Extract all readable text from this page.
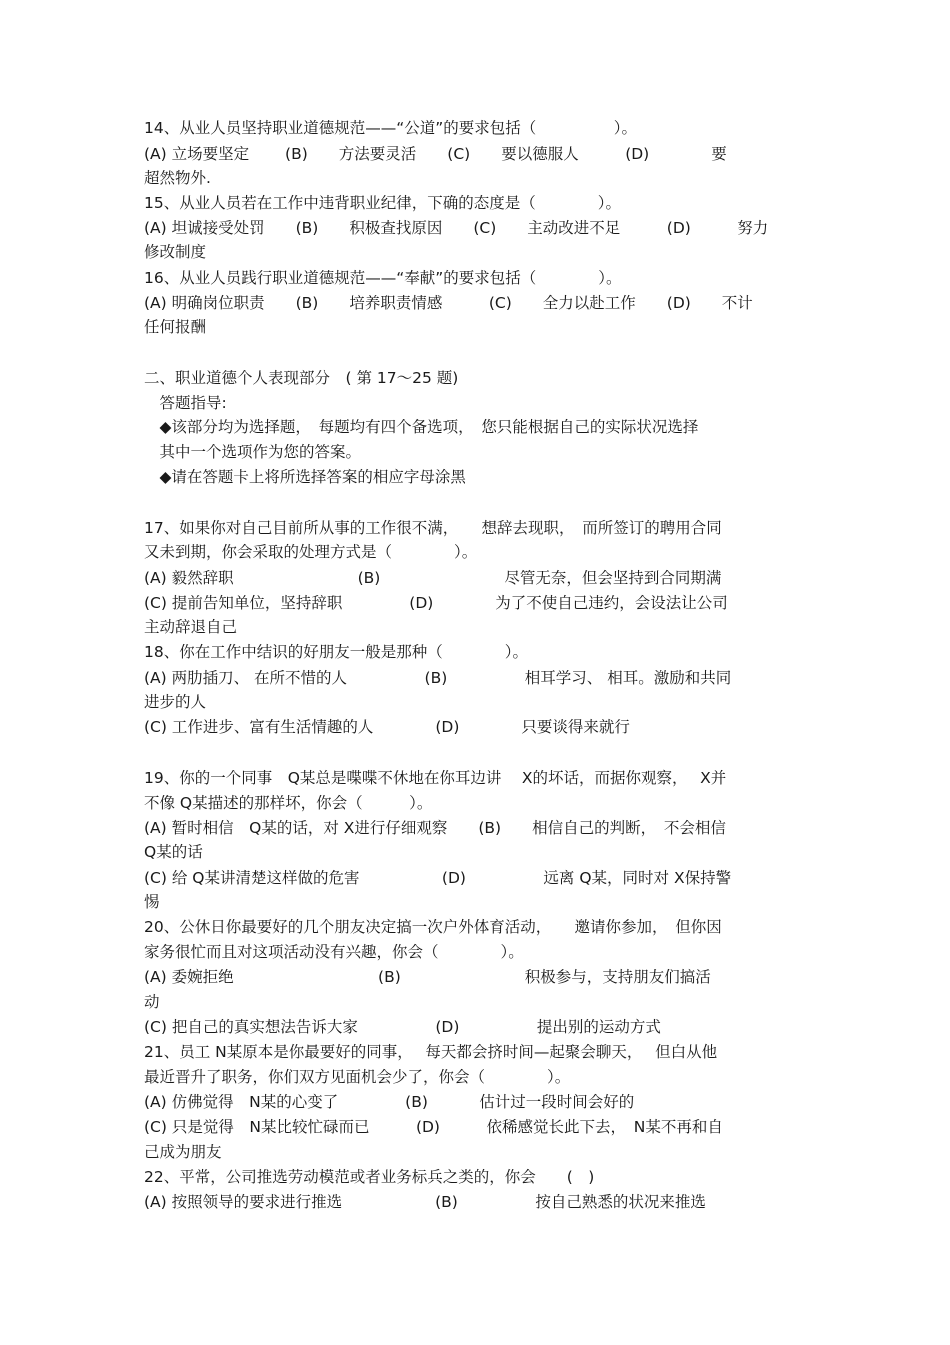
14、从业人员坚持职业道德规范——“公道”的要求包括（　　　　　）。
(A) 立场要坚定　　 (B)　　方法要灵活　　(C)　　要以德服人　　　(D)　　　　要
超然物外.
15、从业人员若在工作中违背职业纪律，下确的态度是（　　　　）。
(A) 坦诚接受处罚　　(B)　　积极查找原因　　(C)　　主动改进不足　　　(D)　　　努力
修改制度
16、从业人员践行职业道德规范——“奉献”的要求包括（　　　　）。
(A) 明确岗位职责　　(B)　　培养职责情感　　　(C)　　全力以赴工作　　(D)　　不计
任何报酬
二、职业道德个人表现部分　( 第 17～25 题)
　答题指导:
　◆该部分均为选择题，　每题均有四个备选项，　您只能根据自己的实际状况选择
　其中一个选项作为您的答案。
　◆请在答题卡上将所选择答案的相应字母涂黑
17、如果你对自己目前所从事的工作很不满，　　想辞去现职，　而所签订的聘用合同
又未到期，你会采取的处理方式是（　　　　）。
(A) 毅然辞职　　　　　　　　(B)　　　　　　　　尽管无奈，但会坚持到合同期满
(C) 提前告知单位，坚持辞职　　　　 (D)　　　　为了不使自己违约，会设法让公司
主动辞退自己
18、你在工作中结识的好朋友一般是那种（　　　　）。
(A) 两肋插刀、 在所不惜的人　　　　　(B)　　　　　相耳学习、 相耳。激励和共同
进步的人
(C) 工作进步、富有生活情趣的人　　　　(D)　　　　只要谈得来就行
19、你的一个同事　Q某总是喋喋不休地在你耳边讲　 X的坏话，而据你观察，　 X并
不像 Q某描述的那样坏，你会（　　　）。
(A) 暂时相信　Q某的话，对 X进行仔细观察　　(B)　　相信自己的判断，　不会相信
Q某的话
(C) 给 Q某讲清楚这样做的危害　　　　　 (D)　　　　　远离 Q某，同时对 X保持警
惕
20、公休日你最要好的几个朋友决定搞一次户外体育活动，　　邀请你参加，　但你因
家务很忙而且对这项活动没有兴趣，你会（　　　　）。
(A) 委婉拒绝　　　　　　　　　 (B)　　　　　　　　积极参与，支持朋友们搞活
动
(C) 把自己的真实想法告诉大家　　　　　(D)　　　　　提出别的运动方式
21、员工 N某原本是你最要好的同事，　 每天都会挤时间—起聚会聊天，　 但白从他
最近晋升了职务，你们双方见面机会少了，你会（　　　　）。
(A) 仿佛觉得　N某的心变了　　　　 (B)　　　 估计过一段时间会好的
(C) 只是觉得　N某比较忙碌而已　　　(D)　　　依稀感觉长此下去，　N某不再和自
己成为朋友
22、平常，公司推选劳动模范或者业务标兵之类的，你会　　(　)
(A) 按照领导的要求进行推选　　　　　　(B)　　　　　按自己熟悉的状况来推选
